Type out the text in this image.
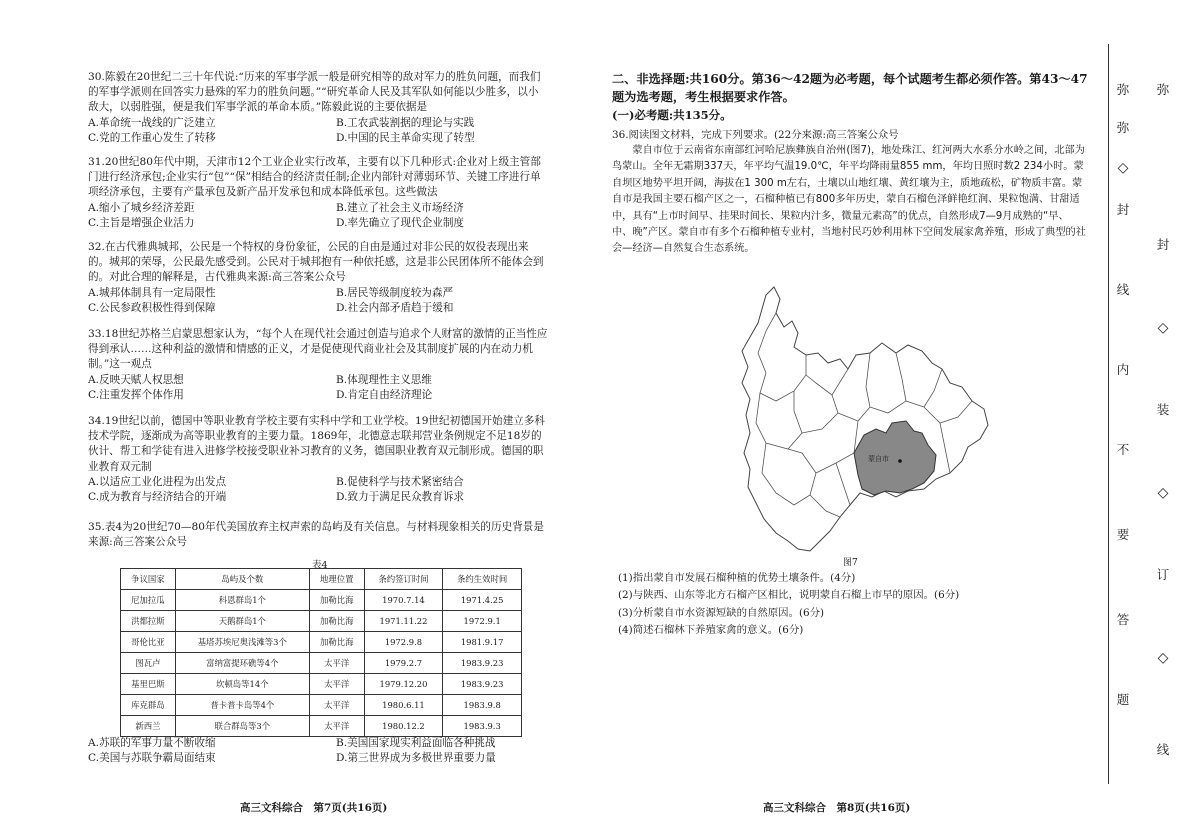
30.陈毅在20世纪二三十年代说:“历来的军事学派一般是研究相等的敌对军力的胜负问题，而我们的军事学派则在回答实力悬殊的军力的胜负问题。”“研究革命人民及其军队如何能以少胜多，以小敌大，以弱胜强，便是我们军事学派的革命本质。”陈毅此说的主要依据是

A.革命统一战线的广泛建立	B.工农武装割据的理论与实践
C.党的工作重心发生了转移	D.中国的民主革命实现了转型

31.20世纪80年代中期，天津市12个工业企业实行改革，主要有以下几种形式:企业对上级主管部门进行经济承包;企业实行“包”“保”相结合的经济责任制;企业内部针对薄弱环节、关键工序进行单项经济承包，主要有产量承包及新产品开发承包和成本降低承包。这些做法

A.缩小了城乡经济差距	B.建立了社会主义市场经济
C.主旨是增强企业活力	D.率先确立了现代企业制度

32.在古代雅典城邦，公民是一个特权的身份象征，公民的自由是通过对非公民的奴役表现出来的。城邦的荣辱，公民最先感受到。公民对于城邦抱有一种依托感，这是非公民团体所不能体会到的。对此合理的解释是，古代雅典来源:高三答案公众号

A.城邦体制具有一定局限性	B.居民等级制度较为森严
C.公民参政积极性得到保障	D.社会内部矛盾趋于缓和

33.18世纪苏格兰启蒙思想家认为，“每个人在现代社会通过创造与追求个人财富的激情的正当性应得到承认……这种利益的激情和情感的正义，才是促使现代商业社会及其制度扩展的内在动力机制。”这一观点

A.反映天赋人权思想	B.体现理性主义思维
C.注重发挥个体作用	D.肯定自由经济理论

34.19世纪以前，德国中等职业教育学校主要有实科中学和工业学校。19世纪初德国开始建立多科技术学院，逐渐成为高等职业教育的主要力量。1869年，北德意志联邦营业条例规定不足18岁的伙计、帮工和学徒有进入进修学校接受职业补习教育的义务，德国职业教育双元制形成。德国的职业教育双元制

A.以适应工业化进程为出发点	B.促使科学与技术紧密结合
C.成为教育与经济结合的开端	D.致力于满足民众教育诉求

35.表4为20世纪70—80年代美国放弃主权声索的岛屿及有关信息。与材料现象相关的历史背景是来源:高三答案公众号

表4
争议国家	岛屿及个数	地理位置	条约签订时间	条约生效时间
尼加拉瓜	科恩群岛1个	加勒比海	1970.7.14	1971.4.25
洪都拉斯	天鹅群岛1个	加勒比海	1971.11.22	1972.9.1
哥伦比亚	基塔苏埃尼奥浅滩等3个	加勒比海	1972.9.8	1981.9.17
图瓦卢	富纳富提环礁等4个	太平洋	1979.2.7	1983.9.23
基里巴斯	坎顿岛等14个	太平洋	1979.12.20	1983.9.23
库克群岛	普卡普卡岛等4个	太平洋	1980.6.11	1983.9.8
新西兰	联合群岛等3个	太平洋	1980.12.2	1983.9.3
A.苏联的军事力量不断收缩	B.美国国家现实利益面临各种挑战
C.美国与苏联争霸局面结束	D.第三世界成为多极世界重要力量
高三文科综合　第7页(共16页)
二、非选择题:共160分。第36～42题为必考题，每个试题考生都必须作答。第43～47题为选考题，考生根据要求作答。
(一)必考题:共135分。
36.阅读图文材料，完成下列要求。(22分来源:高三答案公众号

蒙自市位于云南省东南部红河哈尼族彝族自治州(图7)，地处珠江、红河两大水系分水岭之间，北部为鸟蒙山。全年无霜期337天，年平均气温19.0℃，年平均降雨量855 mm，年均日照时数2 234小时。蒙自坝区地势平坦开阔，海拔在1 300 m左右，土壤以山地红壤、黄红壤为主，质地疏松，矿物质丰富。蒙自市是我国主要石榴产区之一，石榴种植已有800多年历史，蒙自石榴色泽鲜艳红润、果粒饱满、甘甜适中，具有“上市时间早、挂果时间长、果粒内汁多，微量元素高”的优点，自然形成7—9月成熟的“早、中、晚”产区。蒙自市有多个石榴种植专业村，当地村民巧妙利用林下空间发展家禽养殖，形成了典型的社会—经济—自然复合生态系统。

蒙自市
图7
(1)指出蒙自市发展石榴种植的优势土壤条件。(4分)
(2)与陕西、山东等北方石榴产区相比，说明蒙自石榴上市早的原因。(6分)
(3)分析蒙自市水资源短缺的自然原因。(6分)
(4)简述石榴林下养殖家禽的意义。(6分)
高三文科综合　第8页(共16页)
弥
弥
弥
◇
封
封
线
◇
内
装
不
◇
要
订
答
◇
题
线
